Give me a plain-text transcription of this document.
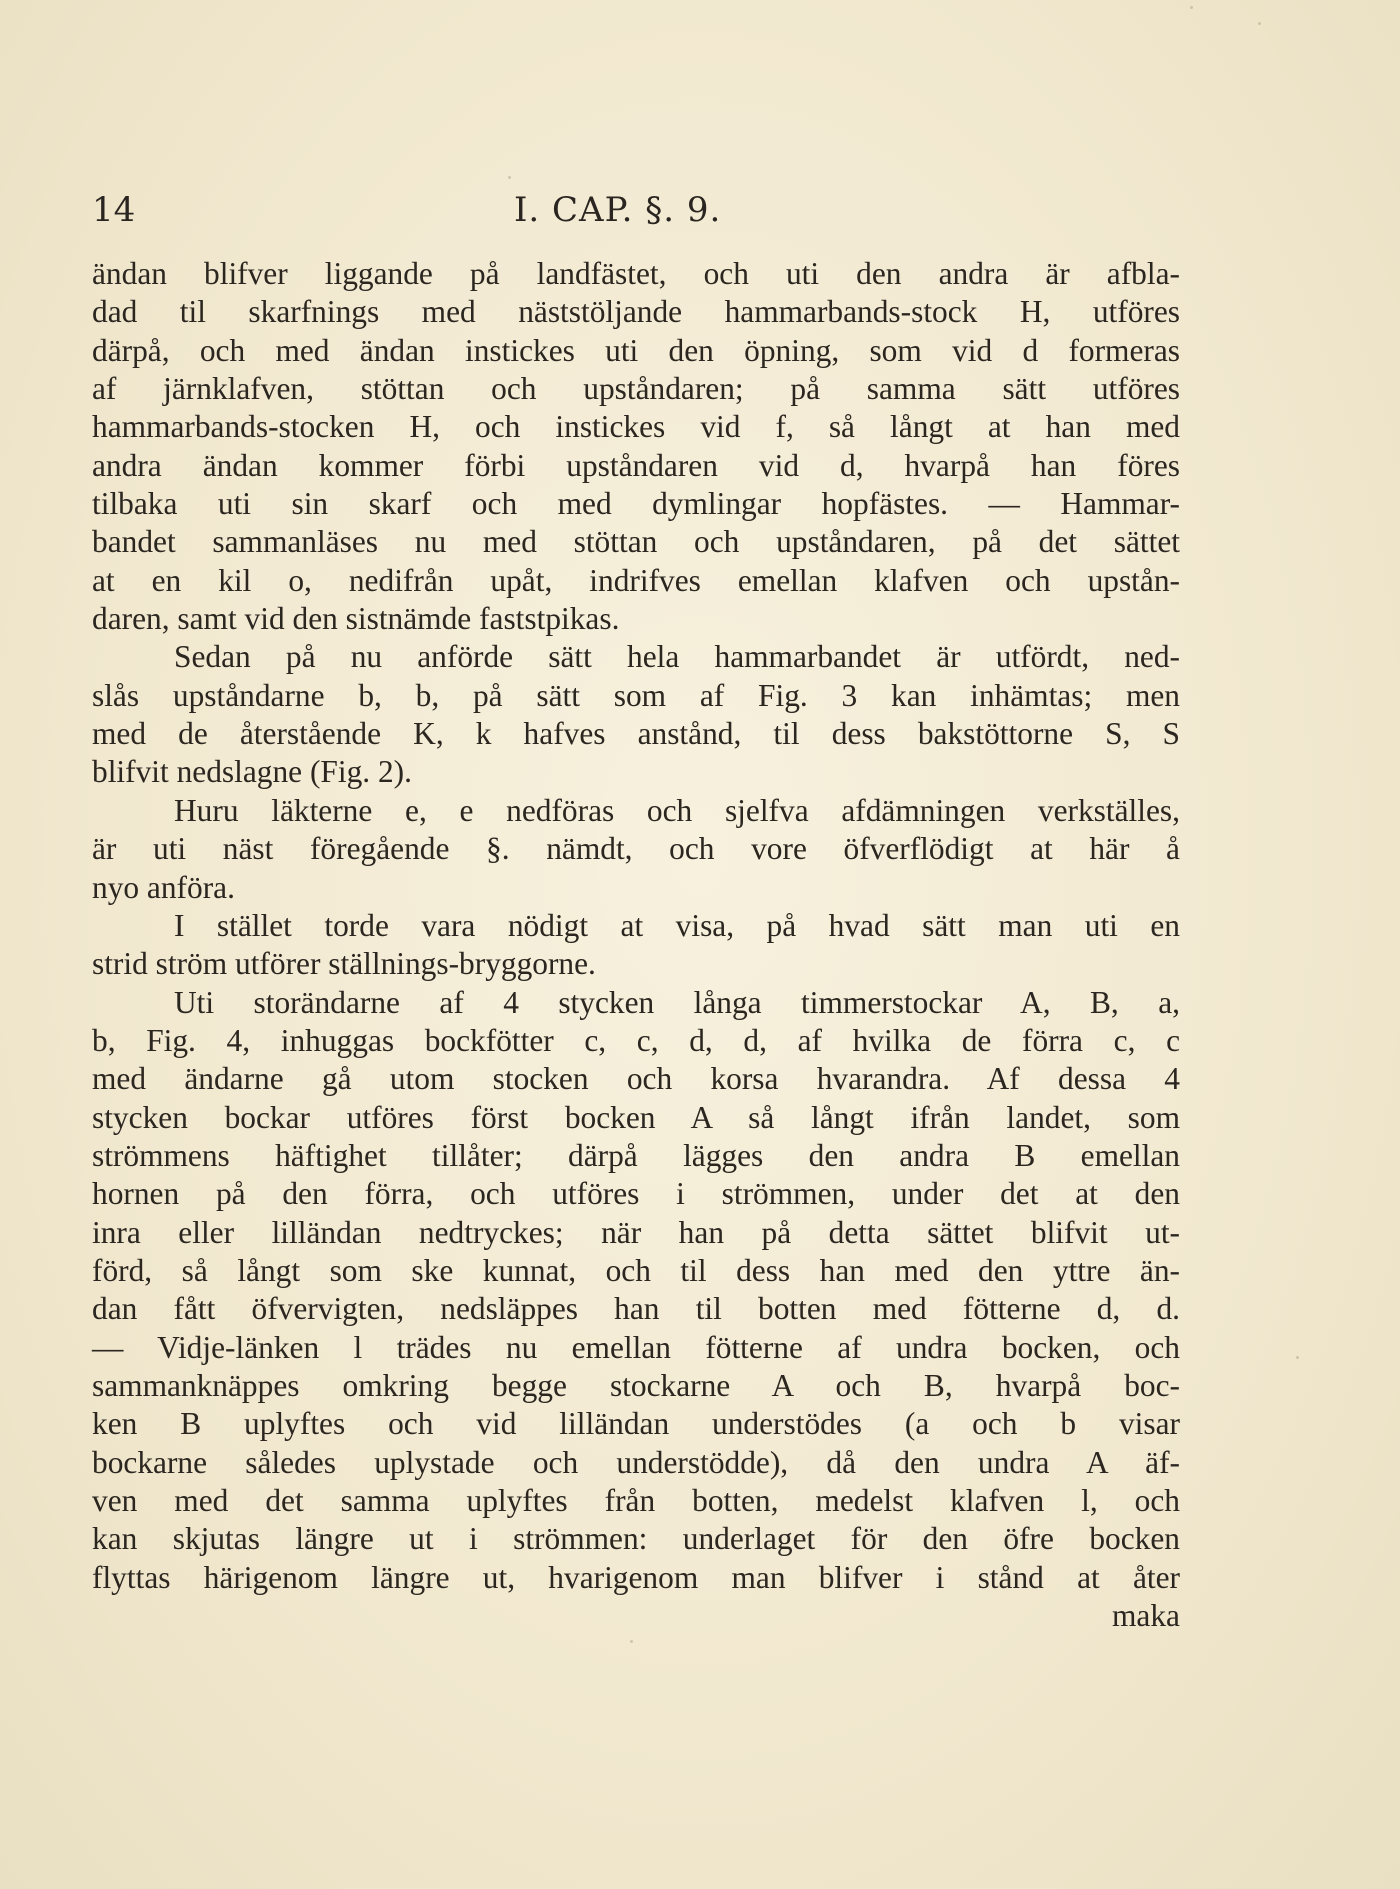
14	I. CAP. §. 9.
ändan blifver liggande på landfästet, och uti den andra är afbla-
dad til skarfnings med näststöljande hammarbands-stock H, utföres
därpå, och med ändan instickes uti den öpning, som vid d formeras
af järnklafven, stöttan och upståndaren; på samma sätt utföres
hammarbands-stocken H, och instickes vid f, så långt at han med
andra ändan kommer förbi upståndaren vid d, hvarpå han föres
tilbaka uti sin skarf och med dymlingar hopfästes. — Hammar-
bandet sammanläses nu med stöttan och upståndaren, på det sättet
at en kil o, nedifrån upåt, indrifves emellan klafven och upstån-
daren, samt vid den sistnämde faststpikas.
Sedan på nu anförde sätt hela hammarbandet är utfördt, ned-
slås upståndarne b, b, på sätt som af Fig. 3 kan inhämtas; men
med de återstående K, k hafves anstånd, til dess bakstöttorne S, S
blifvit nedslagne (Fig. 2).
Huru läkterne e, e nedföras och sjelfva afdämningen verkställes,
är uti näst föregående §. nämdt, och vore öfverflödigt at här å
nyo anföra.
I stället torde vara nödigt at visa, på hvad sätt man uti en
strid ström utförer ställnings-bryggorne.
Uti storändarne af 4 stycken långa timmerstockar A, B, a,
b, Fig. 4, inhuggas bockfötter c, c, d, d, af hvilka de förra c, c
med ändarne gå utom stocken och korsa hvarandra. Af dessa 4
stycken bockar utföres först bocken A så långt ifrån landet, som
strömmens häftighet tillåter; därpå lägges den andra B emellan
hornen på den förra, och utföres i strömmen, under det at den
inra eller lilländan nedtryckes; när han på detta sättet blifvit ut-
förd, så långt som ske kunnat, och til dess han med den yttre än-
dan fått öfvervigten, nedsläppes han til botten med fötterne d, d.
— Vidje-länken l trädes nu emellan fötterne af undra bocken, och
sammanknäppes omkring begge stockarne A och B, hvarpå boc-
ken B uplyftes och vid lilländan understödes (a och b visar
bockarne således uplystade och understödde), då den undra A äf-
ven med det samma uplyftes från botten, medelst klafven l, och
kan skjutas längre ut i strömmen: underlaget för den öfre bocken
flyttas härigenom längre ut, hvarigenom man blifver i stånd at åter
maka
